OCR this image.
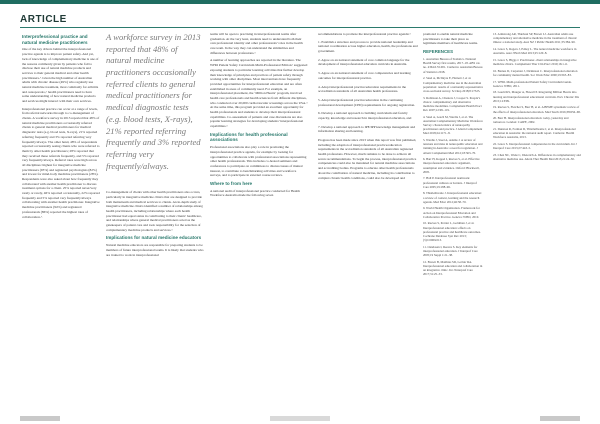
ARTICLE
Interprofessional practice and natural medicine practitioners

One of the key drivers behind the interprofessional practice agenda is to improve patient safety. And yet, lack of knowledge of complementary medicine is one of the reasons commonly given by patients who fail to disclose their use of natural medicine products and services to their general medical and other health practitioners.^ Given the high number of Australian adults with chronic disease (49%) who regularly use natural medicine treatment, most commonly for arthritis and osteoporosis,^ health practitioners need to have some understanding of how natural medicine products and services might interact with their own services.

Interprofessional practice can occur at a range of levels, from referral networks through to co-management of clients. A workforce survey in 2013 reported that 48% of natural medicine practitioners occasionally referred clients to general medical practitioners for medical diagnostic tests (e.g. blood tests, X-rays), 21% reported referring frequently and 3% reported referring very frequently/always. The other hand, 48% of respondents reported occasionally seeing clients who were referred to them by other health practitioners; 28% reported that they received these referrals frequently, and 5% reported very frequently/always. Referral rates were high across all disciplines: highest for integrative medicine practitioners (93%) and registered psychologists (82%) and lowest for mind-body medicine practitioners (28%). Respondents were also asked about how frequently they collaborated with another health practitioner to discuss treatment options for a client. 25% reported never/very rarely or rarely, 46% reported occasionally, 22% reported frequently and 5% reported very frequently/always collaborating with another health practitioner. Integrative medicine practitioners (94%) and registered professionals (86%) reported the highest rates of collaboration.^

A workforce survey in 2013 reported that 48% of natural medicine practitioners occasionally referred clients to general medical practitioners for medical diagnostic tests (e.g. blood tests, X-rays), 21% reported referring frequently and 3% reported referring very frequently/always.

Co-management of clients with other health practitioners also occurs, particularly in integrative medicine clinics that are designed to provide both mainstream and medical services to clients. An in-depth study of integrative medicine clinics identified a number of relationships among health practitioners, including relationships where each health practitioner had equal status in contributing to their clients’ healthcare, and relationships where general medical practitioners acted as the gatekeepers of patient care and took responsibility for the selection of complementary medicine products and services.^

Implications for natural medicine educators

Natural medicine educators are responsible for preparing students to be members of future interprofessional teams. It is likely that students who are trained to work in interprofessional

teams will be open to practising in interprofessional teams after graduation. At the very least, students need to understand both their own professional identity and other professionals’ roles in the health care team. In the way they can understand the similarities and differences between professions.^

A number of learning approaches are reported in the literature. The WHO Patient Safety Curriculum Multi-Professional Edition^ suggested exposing students to particular learning activities that further develop their knowledge of principles and practices of patient safety through working with other disciplines. Most interventions have frequently provided opportunities for interprofessional education and are often established in areas of community need. For example, an interprofessional placement, the ‘Million Hearts’ program, involved health care professionals and health sciences from different disciplines, who conducted over 20,000 cardiovascular screenings across the USA.^ At the same time, this program provided an excellent opportunity for health professionals and students to develop their interprofessional capabilities. Co-assessment of patients and case discussions are also popular learning strategies for developing students’ interprofessional capabilities.^

Implications for health professional associations

Professional associations also play a role in promoting the interprofessional practice agenda, for example by looking for opportunities to collaborate with professional associations representing other health professionals. This includes co-hosted seminars and conferences to participate on committees to discuss issues of mutual interest, to contribute to benchmarking activities and workforce surveys, and to participate in external course reviews.

Where to from here

A national audit of interprofessional practice conducted for Health Workforce Australia made the following seven

recommendations to promote the interprofessional practice agenda:^

1. Establish a structure and process to provide national leadership and national coordination across higher education, health, the professions and government.
2. Agree on an national statement of core common language for the development of interprofessional education curricula in Australia.
3. Agree on an national statement of core competencies and learning outcomes for interprofessional practice.
4. Adopt interprofessional practice/education requirements in the accreditation standards of all Australian health professions.
5. Adopt interprofessional practice/education in the continuing professional development (CPD) requirements for ongoing registration.
6. Develop a national approach to building curriculum and faculty capacity, knowledge and research in interprofessional education, and
7. Develop a national approach to IPE/IPP knowledge management and information sharing and learning.

Progress has been made since 2013 when this report was first published, including the adoption of interprofessional practice/education requirements in the accreditation standards of all Australian registered health professions. However, much remains to be done to achieve all seven recommendations. To begin the process, interprofessional practice competencies could also be mandated for natural medicine associations and accrediting bodies. Programs to educate other health professionals about the contribution of natural medicine, including its contribution to complex chronic health conditions, could also be developed and

promoted to enable natural medicine practitioners to take their place as legitimate members of healthcare teams.

REFERENCES
1. Australian Bureau of Statistics. National Health Survey first results, 2017–18. ABS cat. no. 4364.0.55.001. Canberra: Australian Bureau of Statistics 2018.
2. Steel A, McIntyre E, Harnett J, et al. Complementary medicine use in the Australian population: results of a nationally-representative cross-sectional survey. Sci Rep 2018;8:17325.
3. Robinson A, Chesters J, Cooper S. People’s choice: complementary and alternative medicine modalities. Complement Health Pract Rev 2007;12:99–119.
4. Steel A, Leach M, Wardle J, et al. The Australian Complementary Medicine Workforce Survey: characteristics of naturopathy practitioners and practice. J Altern Complement Med 2018;24:1171–8.
5. Wardle J, Steel A, Adams J. A review of tensions and risks in naturopathic education and training in Australia: a need for regulation. J Altern Complement Med 2012;18:363–70.
6. Barr H, Koppel I, Reeves S, et al. Effective interprofessional education: argument, assumption and evidence. Oxford: Blackwell, 2005.
7. Hall P. Interprofessional teamwork: professional cultures as barriers. J Interprof Care 2005;19:188–96.
8. Thistlethwaite J. Interprofessional education: a review of context, learning and the research agenda. Med Educ 2012;46:58–70.
9. World Health Organization. Framework for Action on Interprofessional Education and Collaborative Practice. Geneva: WHO, 2010.
10. Reeves S, Perrier L, Goldman J, et al. Interprofessional education: effects on professional practice and healthcare outcomes. Cochrane Database Syst Rev 2013;(3):CD002213.
11. Oandasan I, Reeves S. Key elements for interprofessional education. J Interprof Care 2005;19 Suppl 1:21–38.
12. Brown B, Matthias SD, Leclair RA. Interprofessional education and collaboration in an integrative clinic. Int J Interprof Care 2017;31:25–33.
13. Armstrong AR, Thiebaut SP, Brown LJ. Australian adults use complementary and alternative medicine in the treatment of chronic illness: a national study. Aust NZ J Public Health 2011;35:384–90.
14. Grace S, Rogers J, Eddey L. The natural medicine workforce in Australia. Aust J Herb Med 2013;25:120–8.
15. Grace S, Higgs J. Practitioner–client relationships in integrative medicine clinics. Complement Ther Clin Pract 2010;16:1–6.
16. Barnes D, Carpenter J, Dickinson C. Interprofessional education for community mental health. Soc Work Educ 2000;19:565–83.
17. WHO. Multi-professional Patient Safety Curriculum Guide. Geneva: WHO, 2011.
18. Gould KS, Mauger A, Howell P. Integrating Million Hearts into nursing and interprofessional educational curricula. Prev Chronic Dis 2015;12:E99.
19. Reeves S, Fletcher S, Barr H, et al. A BEME systematic review of the effects of interprofessional education. Med Teach 2016;38:656–68.
20. Barr H. Interprofessional education: today, yesterday and tomorrow. London: CAIPE, 2002.
21. Dunston R, Forman D, Thistlethwaite J, et al. Interprofessional education in Australia: the national audit report. Canberra: Health Workforce Australia, 2013.
22. Grace S. Interprofessional competencies in the curriculum. Int J Interprof Care 2013;27:443–5.
23. Chen NC, Wade C, Dieterich A. Differences in complementary and alternative medicine use. Altern Ther Health Med 2015;21:24–30.
